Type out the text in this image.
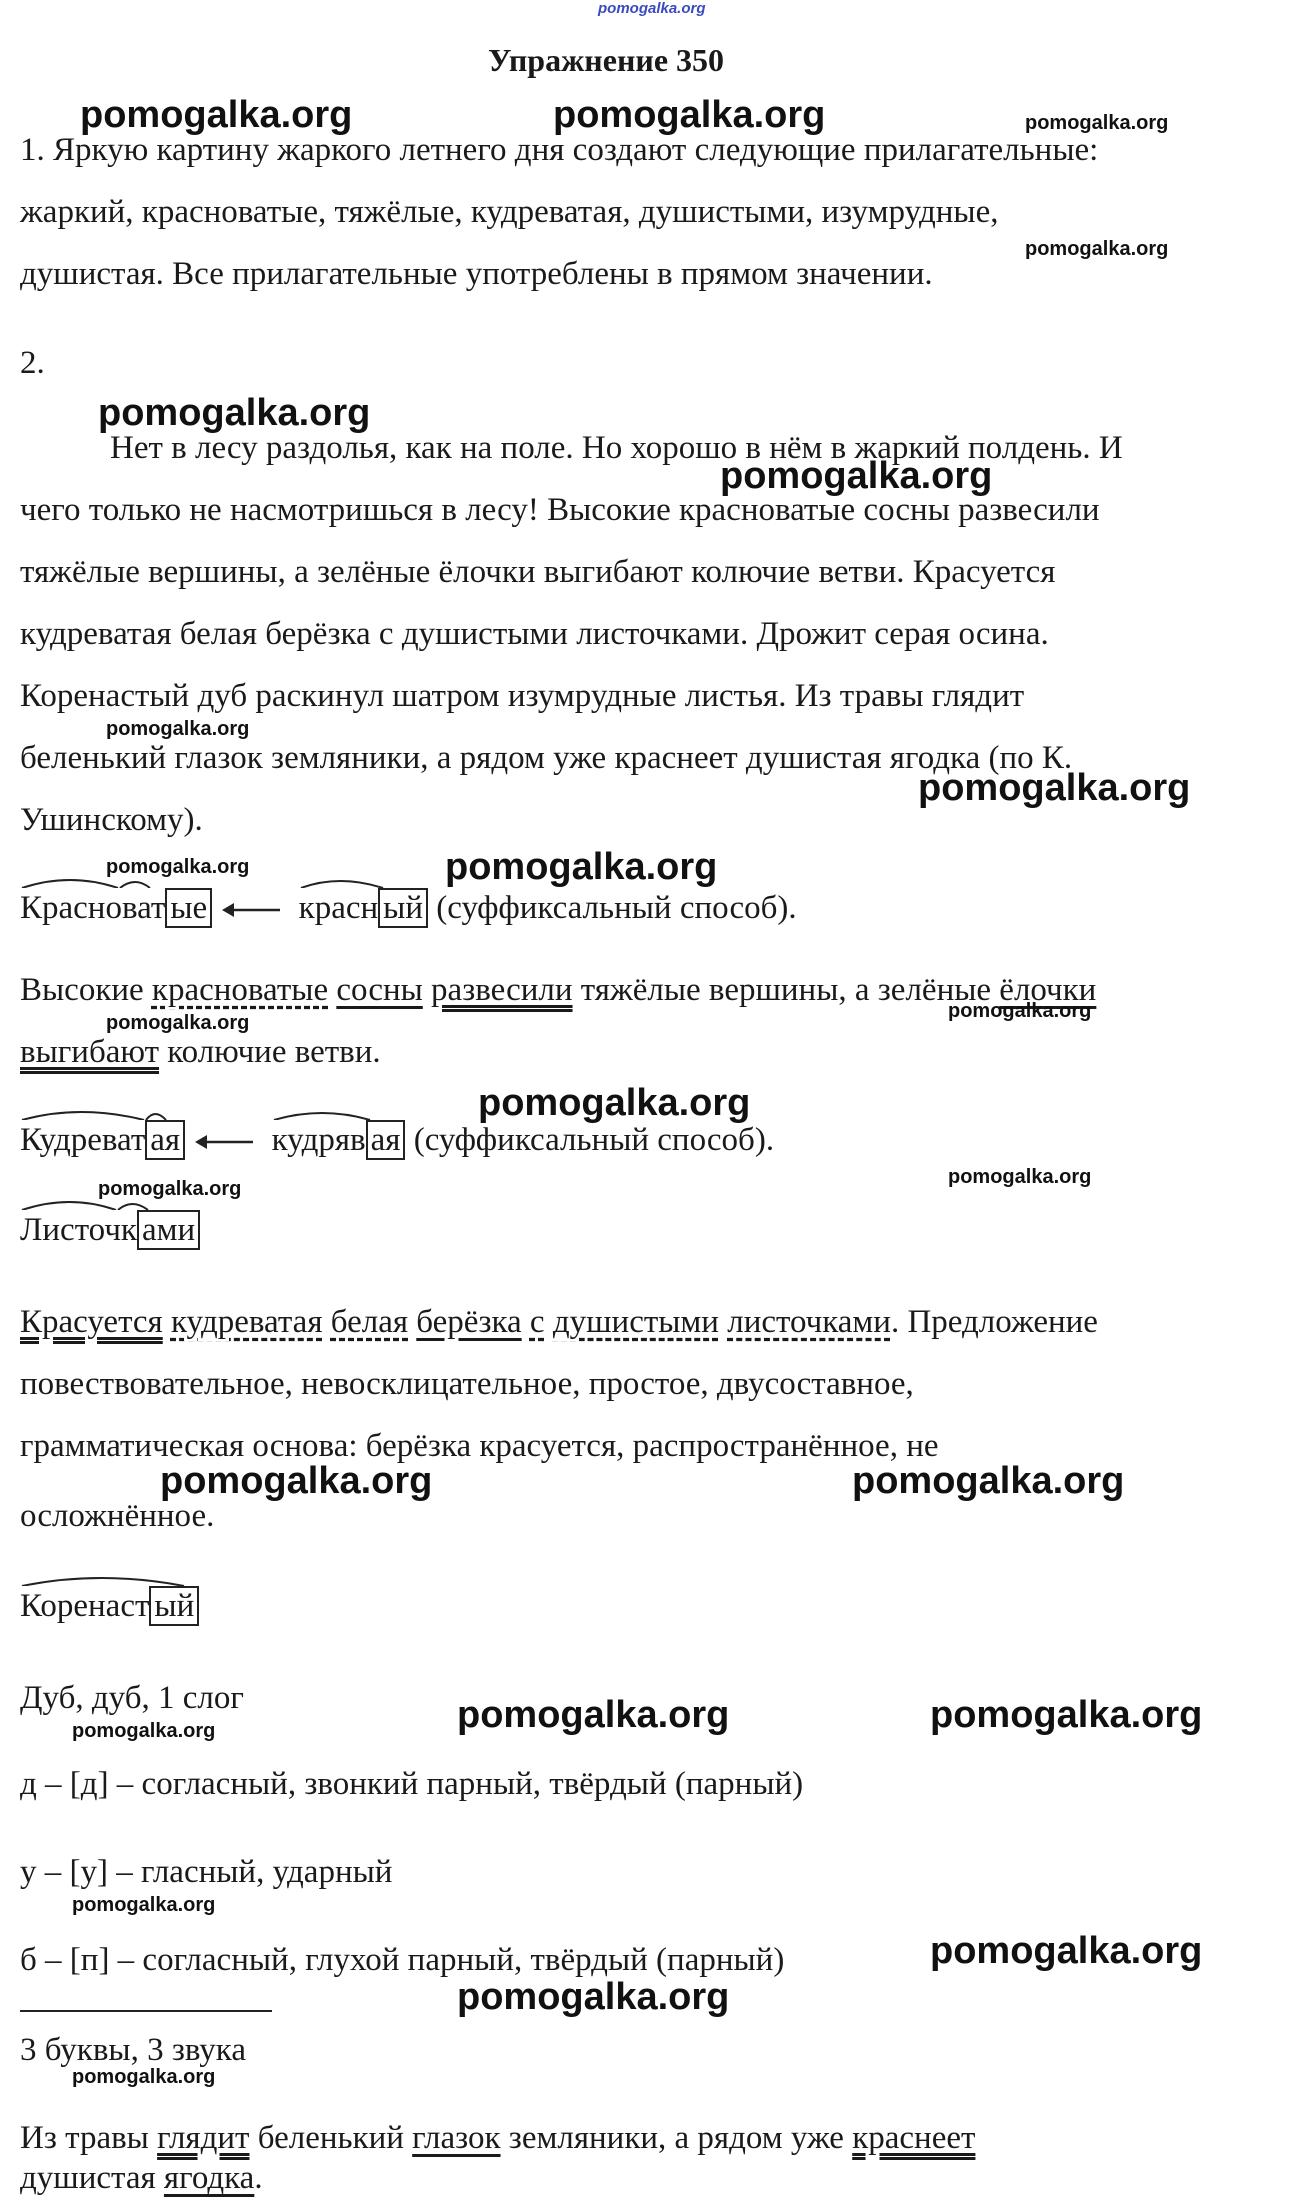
pomogalka.org
Упражнение 350
pomogalka.org	pomogalka.org	pomogalka.org
1. Яркую картину жаркого летнего дня создают следующие прилагательные:
жаркий, красноватые, тяжёлые, кудреватая, душистыми, изумрудные,
pomogalka.org
душистая. Все прилагательные употреблены в прямом значении.
2.
pomogalka.org
Нет в лесу раздолья, как на поле. Но хорошо в нём в жаркий полдень. И
pomogalka.org
чего только не насмотришься в лесу! Высокие красноватые сосны развесили
тяжёлые вершины, а зелёные ёлочки выгибают колючие ветви. Красуется
кудреватая белая берёзка с душистыми листочками. Дрожит серая осина.
Коренастый дуб раскинул шатром изумрудные листья. Из травы глядит
pomogalka.org
беленький глазок земляники, а рядом уже краснеет душистая ягодка (по К.
pomogalka.org
Ушинскому).
pomogalka.org	pomogalka.org
Красноват ые	красн ый (суффиксальный способ).
Высокие красноватые сосны развесили тяжёлые вершины, а зелёные ёлочки
pomogalka.org
pomogalka.org
выгибают колючие ветви.
pomogalka.org
Кудреват ая	кудряв ая (суффиксальный способ).
pomogalka.org
pomogalka.org
Листочк ами
Красуется кудреватая белая берёзка с душистыми листочками. Предложение
повествовательное, невосклицательное, простое, двусоставное,
грамматическая основа: берёзка красуется, распространённое, не
pomogalka.org	pomogalka.org
осложнённое.
Коренаст ый
Дуб, дуб, 1 слог	pomogalka.org	pomogalka.org
pomogalka.org
д – [д] – согласный, звонкий парный, твёрдый (парный)
у – [у] – гласный, ударный
pomogalka.org
б – [п] – согласный, глухой парный, твёрдый (парный)	pomogalka.org
pomogalka.org
3 буквы, 3 звука
pomogalka.org
Из травы глядит беленький глазок земляники, а рядом уже краснеет
душистая ягодка.
